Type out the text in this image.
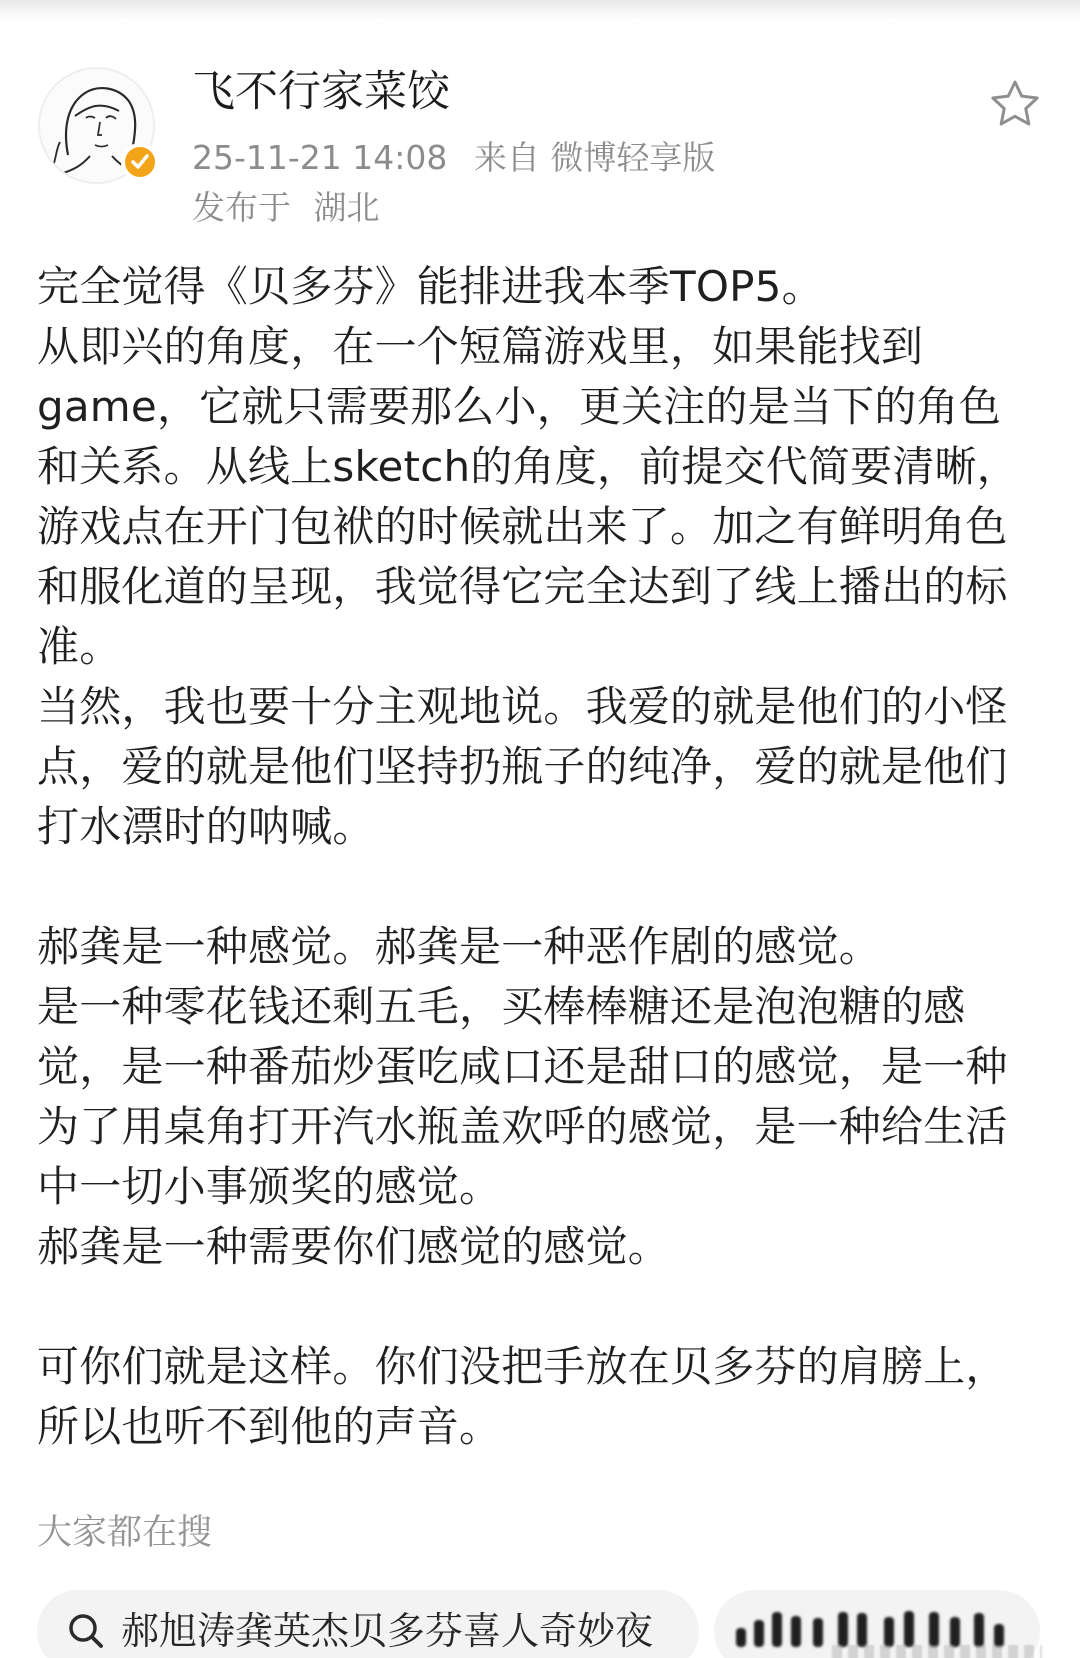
飞不行家菜饺
25-11-21 14:08 来自 微博轻享版
发布于 湖北

完全觉得《贝多芬》能排进我本季TOP5。

从即兴的角度，在一个短篇游戏里，如果能找到game，它就只需要那么小，更关注的是当下的角色和关系。从线上sketch的角度，前提交代简要清晰，游戏点在开门包袱的时候就出来了。加之有鲜明角色和服化道的呈现，我觉得它完全达到了线上播出的标准。

当然，我也要十分主观地说。我爱的就是他们的小怪点，爱的就是他们坚持扔瓶子的纯净，爱的就是他们打水漂时的呐喊。

郝龚是一种感觉。郝龚是一种恶作剧的感觉。

是一种零花钱还剩五毛，买棒棒糖还是泡泡糖的感觉，是一种番茄炒蛋吃咸口还是甜口的感觉，是一种为了用桌角打开汽水瓶盖欢呼的感觉，是一种给生活中一切小事颁奖的感觉。

郝龚是一种需要你们感觉的感觉。

可你们就是这样。你们没把手放在贝多芬的肩膀上，所以也听不到他的声音。

大家都在搜
郝旭涛龚英杰贝多芬喜人奇妙夜
